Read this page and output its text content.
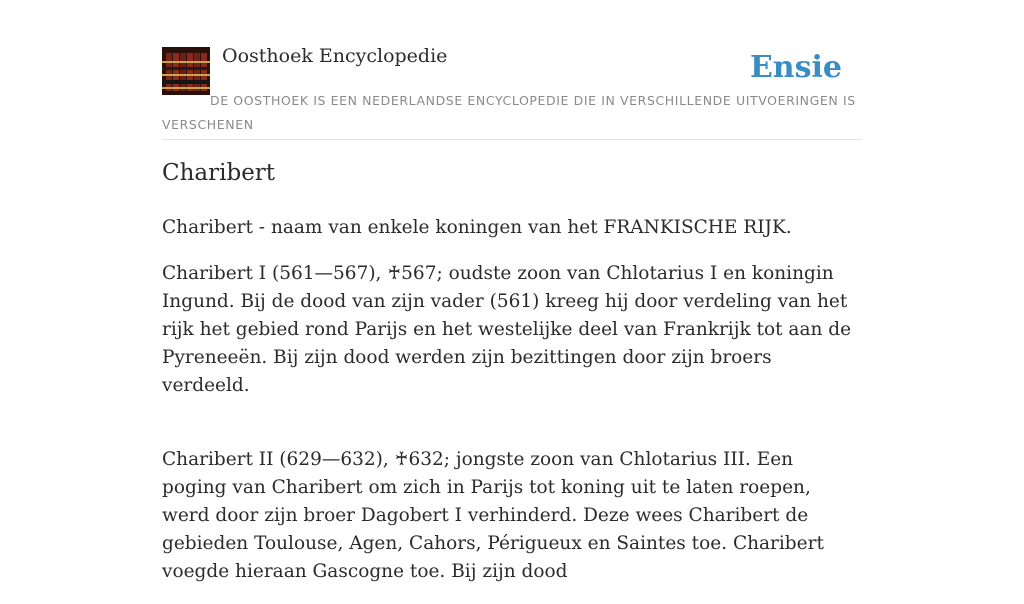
Oosthoek Encyclopedie	Ensie
DE OOSTHOEK IS EEN NEDERLANDSE ENCYCLOPEDIE DIE IN VERSCHILLENDE UITVOERINGEN IS VERSCHENEN
Charibert

Charibert - naam van enkele koningen van het FRANKISCHE RIJK.

Charibert I (561—567), ♰567; oudste zoon van Chlotarius I en koningin Ingund. Bij de dood van zijn vader (561) kreeg hij door verdeling van het rijk het gebied rond Parijs en het westelijke deel van Frankrijk tot aan de Pyreneeën. Bij zijn dood werden zijn bezittingen door zijn broers verdeeld.

Charibert II (629—632), ♰632; jongste zoon van Chlotarius III. Een poging van Charibert om zich in Parijs tot koning uit te laten roepen, werd door zijn broer Dagobert I verhinderd. Deze wees Charibert de gebieden Toulouse, Agen, Cahors, Périgueux en Saintes toe. Charibert voegde hieraan Gascogne toe. Bij zijn dood
